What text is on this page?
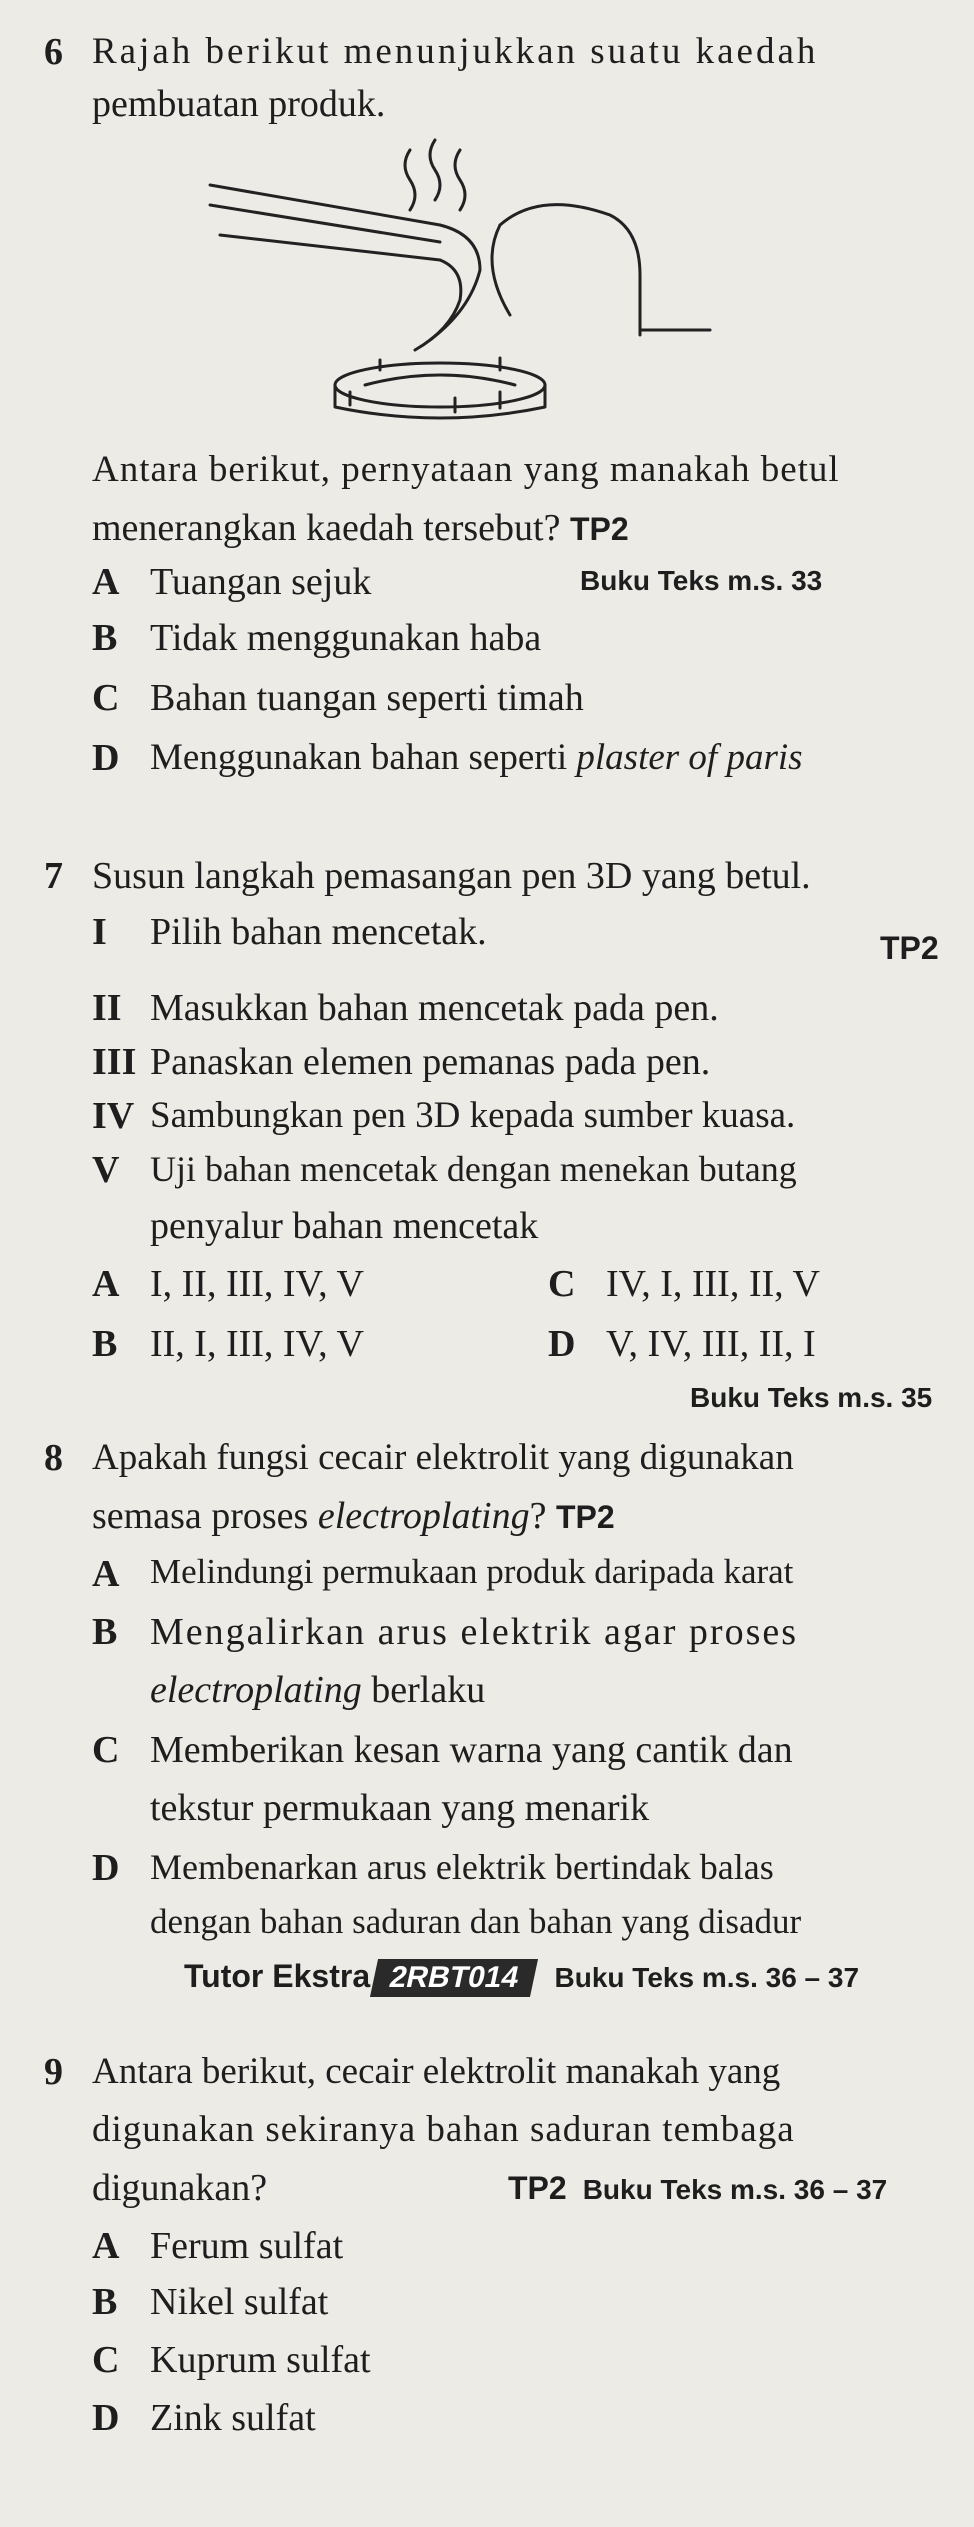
6 Rajah berikut menunjukkan suatu kaedah
pembuatan produk.
Antara berikut, pernyataan yang manakah betul
menerangkan kaedah tersebut? TP2
A Tuangan sejuk	Buku Teks m.s. 33
B Tidak menggunakan haba
C Bahan tuangan seperti timah
D Menggunakan bahan seperti plaster of paris
7 Susun langkah pemasangan pen 3D yang betul.
I Pilih bahan mencetak.	TP2
II Masukkan bahan mencetak pada pen.
III Panaskan elemen pemanas pada pen.
IV Sambungkan pen 3D kepada sumber kuasa.
V Uji bahan mencetak dengan menekan butang
penyalur bahan mencetak
A I, II, III, IV, V	C IV, I, III, II, V
B II, I, III, IV, V	D V, IV, III, II, I
Buku Teks m.s. 35
8 Apakah fungsi cecair elektrolit yang digunakan
semasa proses electroplating? TP2
A Melindungi permukaan produk daripada karat
B Mengalirkan arus elektrik agar proses
electroplating berlaku
C Memberikan kesan warna yang cantik dan
tekstur permukaan yang menarik
D Membenarkan arus elektrik bertindak balas
dengan bahan saduran dan bahan yang disadur
Tutor Ekstra 2RBT014 Buku Teks m.s. 36 – 37
9 Antara berikut, cecair elektrolit manakah yang
digunakan sekiranya bahan saduran tembaga
digunakan?	TP2 Buku Teks m.s. 36 – 37
A Ferum sulfat
B Nikel sulfat
C Kuprum sulfat
D Zink sulfat
